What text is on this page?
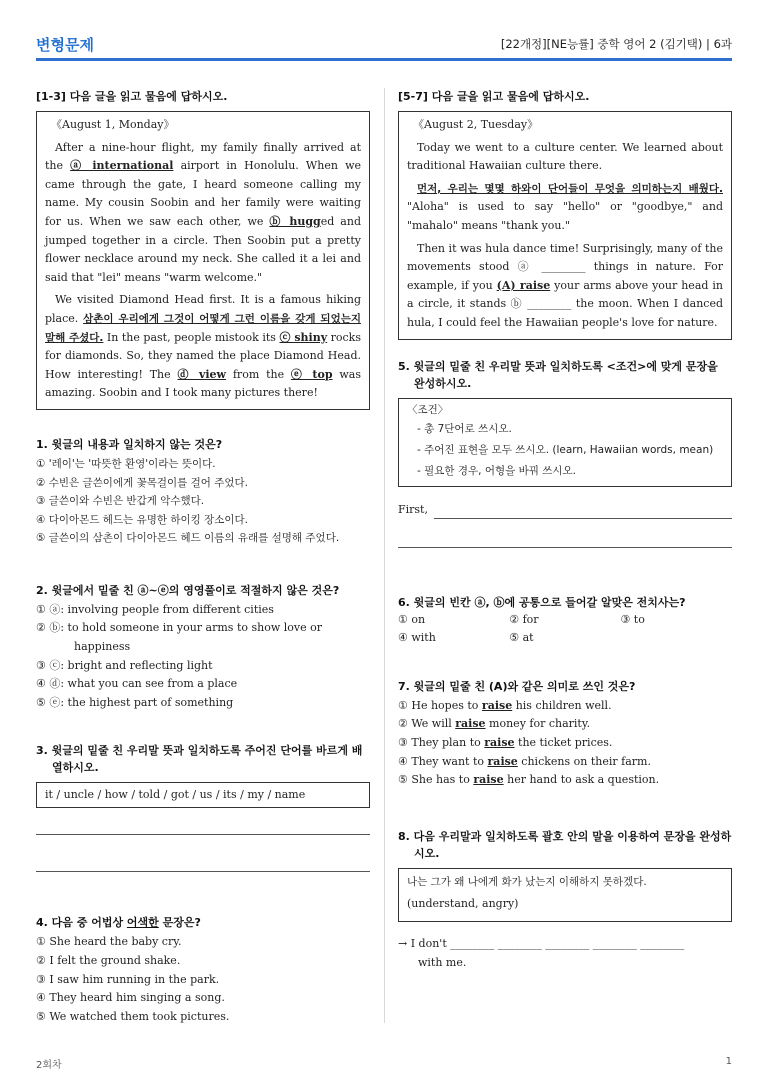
변형문제	[22개정][NE능률] 중학 영어 2 (김기택) | 6과
[1-3] 다음 글을 읽고 물음에 답하시오.
《August 1, Monday》

After a nine-hour flight, my family finally arrived at the ⓐ international airport in Honolulu. When we came through the gate, I heard someone calling my name. My cousin Soobin and her family were waiting for us. When we saw each other, we ⓑ hugged and jumped together in a circle. Then Soobin put a pretty flower necklace around my neck. She called it a lei and said that "lei" means "warm welcome."

We visited Diamond Head first. It is a famous hiking place. 삼촌이 우리에게 그것이 어떻게 그런 이름을 갖게 되었는지 말해 주셨다. In the past, people mistook its ⓒ shiny rocks for diamonds. So, they named the place Diamond Head. How interesting! The ⓓ view from the ⓔ top was amazing. Soobin and I took many pictures there!

1. 윗글의 내용과 일치하지 않는 것은?
① '레이'는 '따뜻한 환영'이라는 뜻이다.
② 수빈은 글쓴이에게 꽃목걸이를 걸어 주었다.
③ 글쓴이와 수빈은 반갑게 악수했다.
④ 다이아몬드 헤드는 유명한 하이킹 장소이다.
⑤ 글쓴이의 삼촌이 다이아몬드 헤드 이름의 유래를 설명해 주었다.
2. 윗글에서 밑줄 친 ⓐ~ⓔ의 영영풀이로 적절하지 않은 것은?
① ⓐ: involving people from different cities
② ⓑ: to hold someone in your arms to show love or happiness
③ ⓒ: bright and reflecting light
④ ⓓ: what you can see from a place
⑤ ⓔ: the highest part of something
3. 윗글의 밑줄 친 우리말 뜻과 일치하도록 주어진 단어를 바르게 배열하시오.
it / uncle / how / told / got / us / its / my / name
4. 다음 중 어법상 어색한 문장은?
① She heard the baby cry.
② I felt the ground shake.
③ I saw him running in the park.
④ They heard him singing a song.
⑤ We watched them took pictures.
[5-7] 다음 글을 읽고 물음에 답하시오.
《August 2, Tuesday》

Today we went to a culture center. We learned about traditional Hawaiian culture there.

먼저, 우리는 몇몇 하와이 단어들이 무엇을 의미하는지 배웠다. "Aloha" is used to say "hello" or "goodbye," and "mahalo" means "thank you."

Then it was hula dance time! Surprisingly, many of the movements stood ⓐ ________ things in nature. For example, if you (A) raise your arms above your head in a circle, it stands ⓑ ________ the moon. When I danced hula, I could feel the Hawaiian people's love for nature.

5. 윗글의 밑줄 친 우리말 뜻과 일치하도록 <조건>에 맞게 문장을 완성하시오.
〈조건〉
- 총 7단어로 쓰시오.
- 주어진 표현을 모두 쓰시오. (learn, Hawaiian words, mean)
- 필요한 경우, 어형을 바꿔 쓰시오.
First,
6. 윗글의 빈칸 ⓐ, ⓑ에 공통으로 들어갈 알맞은 전치사는?
① on	② for	③ to
④ with	⑤ at
7. 윗글의 밑줄 친 (A)와 같은 의미로 쓰인 것은?
① He hopes to raise his children well.
② We will raise money for charity.
③ They plan to raise the ticket prices.
④ They want to raise chickens on their farm.
⑤ She has to raise her hand to ask a question.
8. 다음 우리말과 일치하도록 괄호 안의 말을 이용하여 문장을 완성하시오.
나는 그가 왜 나에게 화가 났는지 이해하지 못하겠다.
(understand, angry)
→ I don't ________ ________ ________ ________ ________
with me.
2회차	1
